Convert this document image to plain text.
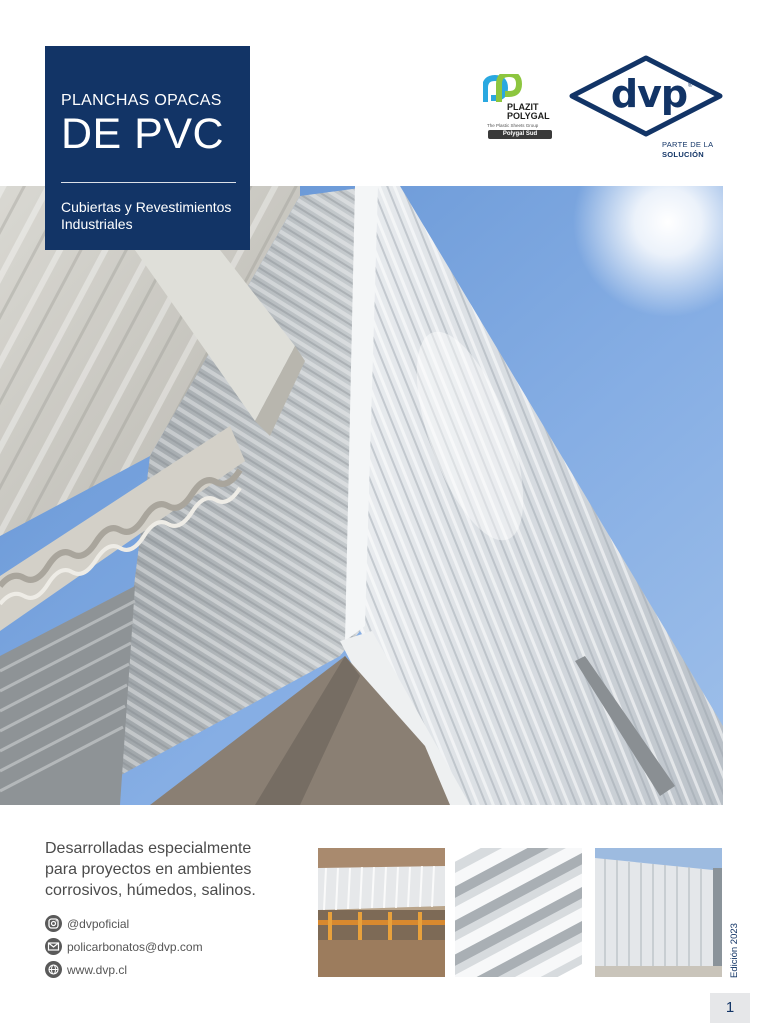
PLANCHAS OPACAS
DE PVC
Cubiertas y Revestimientos
Industriales
PLAZIT
POLYGAL
The Plastic Sheets Group
Polygal Sud
dvp ®
PARTE DE LA
SOLUCIÓN
Desarrolladas especialmente
para proyectos en ambientes
corrosivos, húmedos, salinos.
@dvpoficial
policarbonatos@dvp.com
www.dvp.cl	Edición 2023
1
